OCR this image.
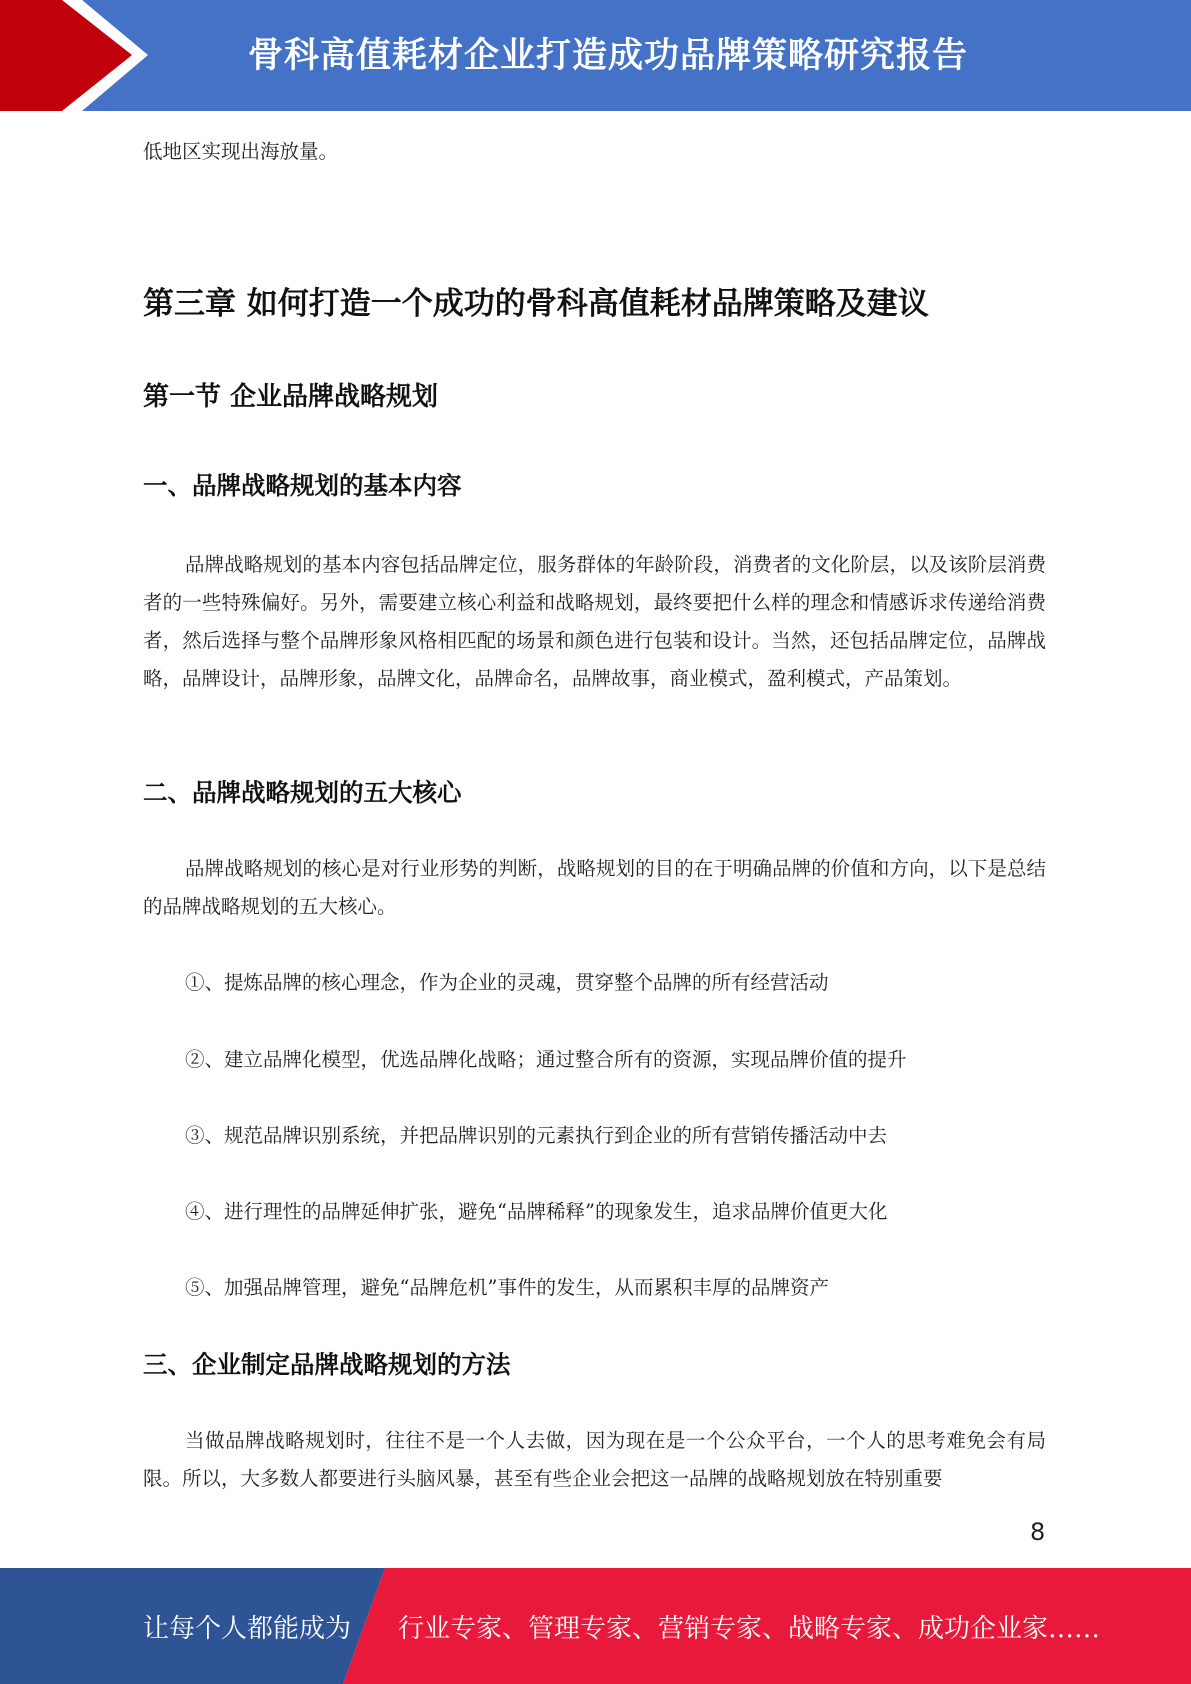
骨科高值耗材企业打造成功品牌策略研究报告

低地区实现出海放量。

第三章 如何打造一个成功的骨科高值耗材品牌策略及建议
第一节 企业品牌战略规划
一、品牌战略规划的基本内容

品牌战略规划的基本内容包括品牌定位，服务群体的年龄阶段，消费者的文化阶层，以及该阶层消费者的一些特殊偏好。另外，需要建立核心利益和战略规划，最终要把什么样的理念和情感诉求传递给消费者，然后选择与整个品牌形象风格相匹配的场景和颜色进行包装和设计。当然，还包括品牌定位，品牌战略，品牌设计，品牌形象，品牌文化，品牌命名，品牌故事，商业模式，盈利模式，产品策划。

二、品牌战略规划的五大核心

品牌战略规划的核心是对行业形势的判断，战略规划的目的在于明确品牌的价值和方向，以下是总结的品牌战略规划的五大核心。

①、提炼品牌的核心理念，作为企业的灵魂，贯穿整个品牌的所有经营活动
②、建立品牌化模型，优选品牌化战略；通过整合所有的资源，实现品牌价值的提升
③、规范品牌识别系统，并把品牌识别的元素执行到企业的所有营销传播活动中去
④、进行理性的品牌延伸扩张，避免“品牌稀释”的现象发生，追求品牌价值更大化
⑤、加强品牌管理，避免“品牌危机”事件的发生，从而累积丰厚的品牌资产
三、企业制定品牌战略规划的方法

当做品牌战略规划时，往往不是一个人去做，因为现在是一个公众平台，一个人的思考难免会有局限。所以，大多数人都要进行头脑风暴，甚至有些企业会把这一品牌的战略规划放在特别重要

8
让每个人都能成为 行业专家、管理专家、营销专家、战略专家、成功企业家……
